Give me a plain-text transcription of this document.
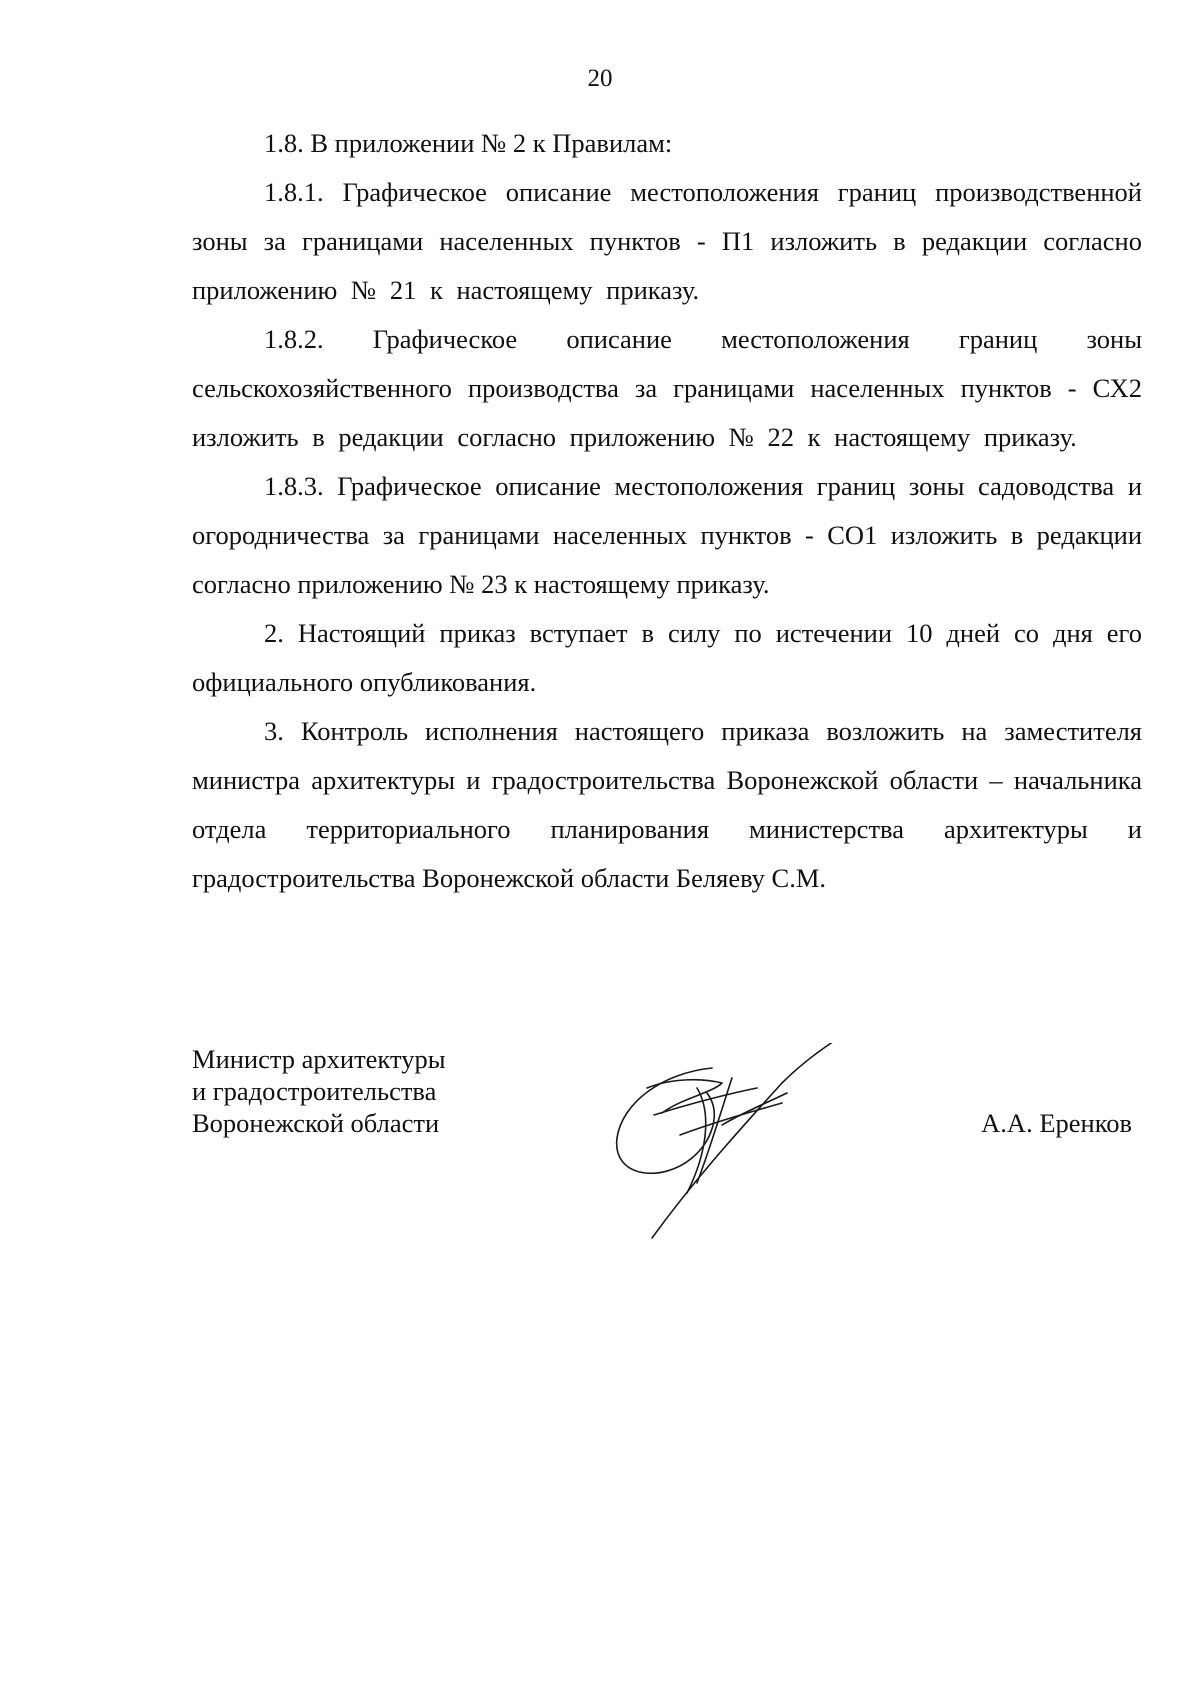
20

1.8. В приложении № 2 к Правилам:

1.8.1. Графическое описание местоположения границ производственной зоны за границами населенных пунктов - П1 изложить в редакции согласно приложению № 21 к настоящему приказу.

1.8.2. Графическое описание местоположения границ зоны сельскохозяйственного производства за границами населенных пунктов - СХ2 изложить в редакции согласно приложению № 22 к настоящему приказу.

1.8.3. Графическое описание местоположения границ зоны садоводства и огородничества за границами населенных пунктов - СО1 изложить в редакции согласно приложению № 23 к настоящему приказу.

2. Настоящий приказ вступает в силу по истечении 10 дней со дня его официального опубликования.

3. Контроль исполнения настоящего приказа возложить на заместителя министра архитектуры и градостроительства Воронежской области – начальника отдела территориального планирования министерства архитектуры и градостроительства Воронежской области Беляеву С.М.

Министр архитектуры
и градостроительства
Воронежской области	А.А. Еренков
